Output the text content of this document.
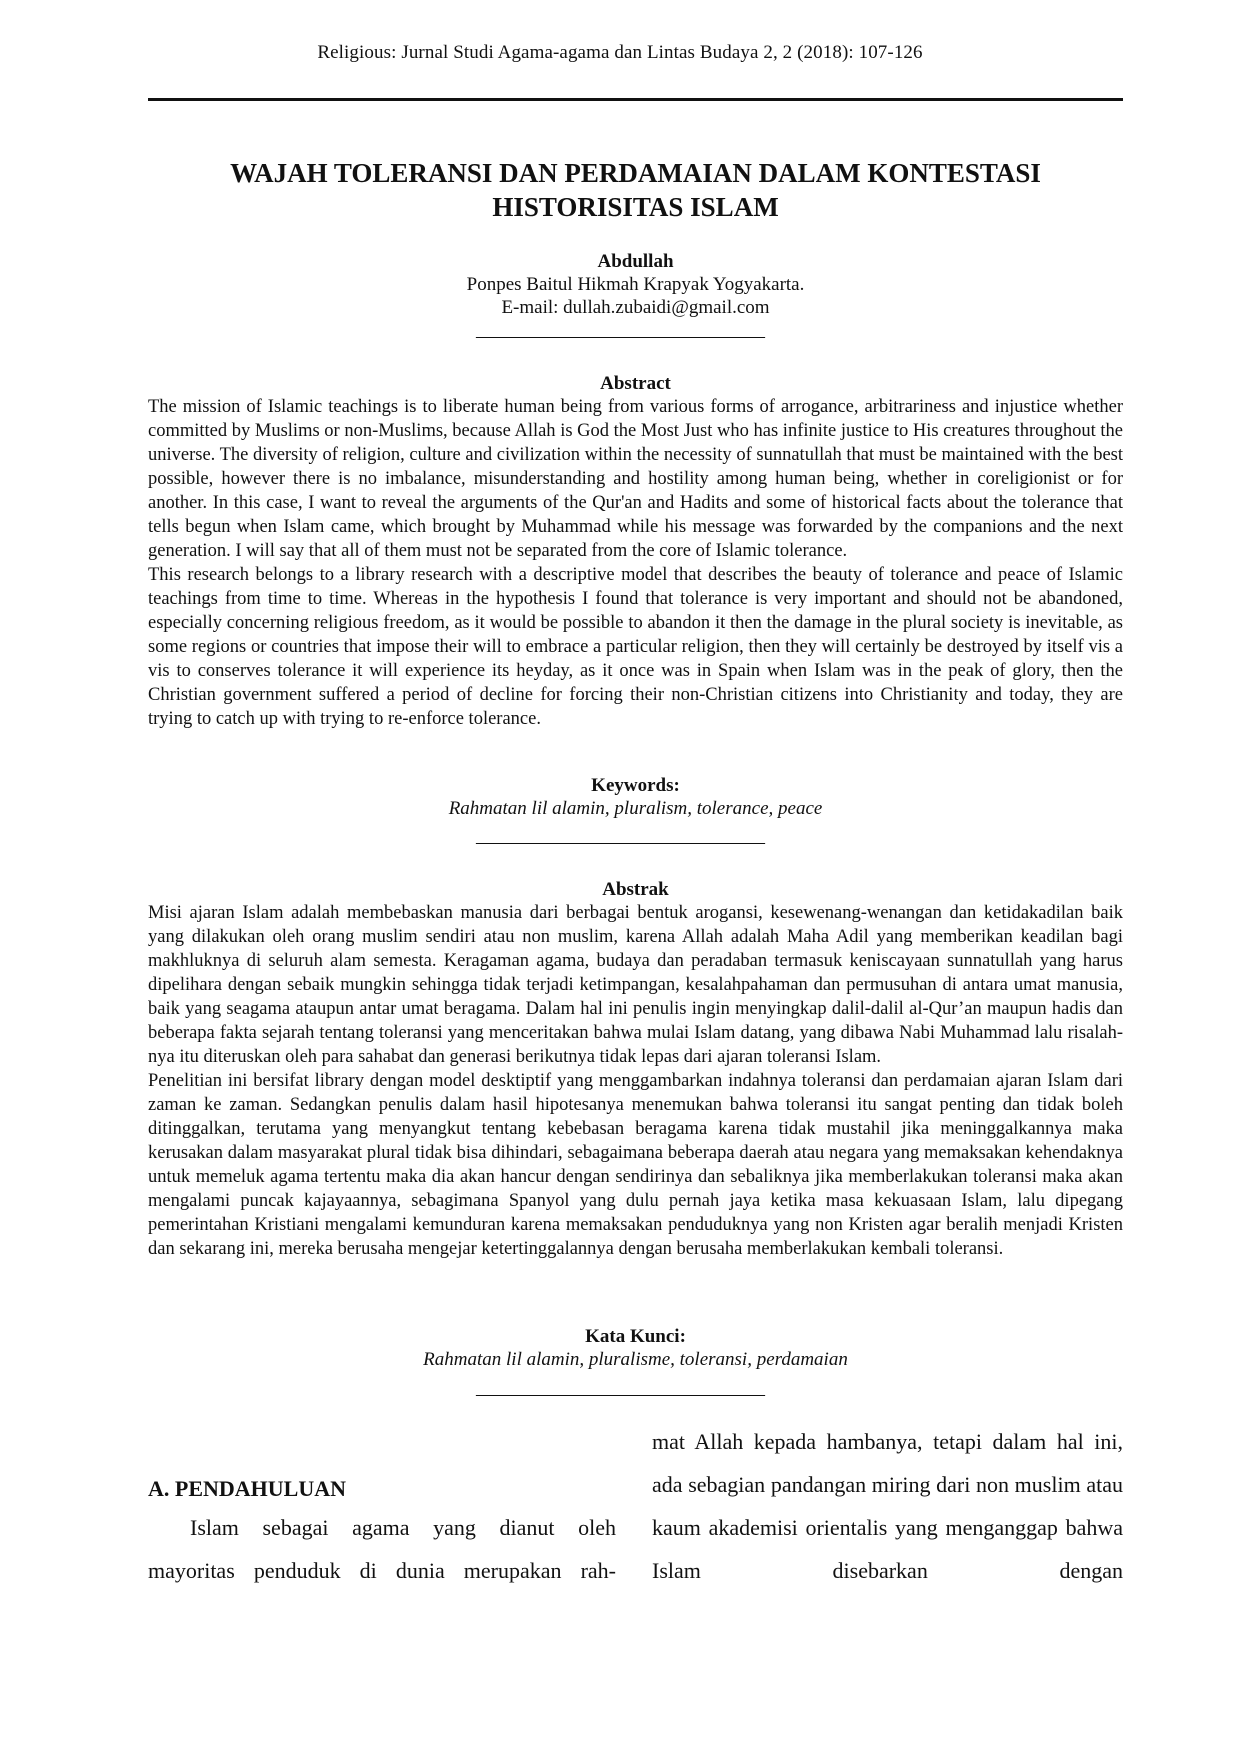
Religious: Jurnal Studi Agama-agama dan Lintas Budaya 2, 2 (2018): 107-126
WAJAH TOLERANSI DAN PERDAMAIAN DALAM KONTESTASI
HISTORISITAS ISLAM
Abdullah
Ponpes Baitul Hikmah Krapyak Yogyakarta.
E-mail: dullah.zubaidi@gmail.com
————————————————
Abstract

The mission of Islamic teachings is to liberate human being from various forms of arrogance, arbitrariness and injustice whether committed by Muslims or non-Muslims, because Allah is God the Most Just who has infinite justice to His creatures throughout the universe. The diversity of religion, culture and civilization within the necessity of sunnatullah that must be maintained with the best possible, however there is no imbalance, misunderstanding and hostility among human being, whether in coreligionist or for another. In this case, I want to reveal the arguments of the Qur'an and Hadits and some of historical facts about the tolerance that tells begun when Islam came, which brought by Muhammad while his message was forwarded by the companions and the next generation. I will say that all of them must not be separated from the core of Islamic tolerance.

This research belongs to a library research with a descriptive model that describes the beauty of tolerance and peace of Islamic teachings from time to time. Whereas in the hypothesis I found that tolerance is very important and should not be abandoned, especially concerning religious freedom, as it would be possible to abandon it then the damage in the plural society is inevitable, as some regions or countries that impose their will to embrace a particular religion, then they will certainly be destroyed by itself vis a vis to conserves tolerance it will experience its heyday, as it once was in Spain when Islam was in the peak of glory, then the Christian government suffered a period of decline for forcing their non-Christian citizens into Christianity and today, they are trying to catch up with trying to re-enforce tolerance.

Keywords:
Rahmatan lil alamin, pluralism, tolerance, peace
————————————————
Abstrak

Misi ajaran Islam adalah membebaskan manusia dari berbagai bentuk arogansi, kesewenang-wenangan dan ketidakadilan baik yang dilakukan oleh orang muslim sendiri atau non muslim, karena Allah adalah Maha Adil yang memberikan keadilan bagi makhluknya di seluruh alam semesta. Keragaman agama, budaya dan peradaban termasuk keniscayaan sunnatullah yang harus dipelihara dengan sebaik mungkin sehingga tidak terjadi ketimpangan, kesalahpahaman dan permusuhan di antara umat manusia, baik yang seagama ataupun antar umat beragama. Dalam hal ini penulis ingin menyingkap dalil-dalil al-Qur’an maupun hadis dan beberapa fakta sejarah tentang toleransi yang menceritakan bahwa mulai Islam datang, yang dibawa Nabi Muhammad lalu risalah-nya itu diteruskan oleh para sahabat dan generasi berikutnya tidak lepas dari ajaran toleransi Islam.

Penelitian ini bersifat library dengan model desktiptif yang menggambarkan indahnya toleransi dan perdamaian ajaran Islam dari zaman ke zaman. Sedangkan penulis dalam hasil hipotesanya menemukan bahwa toleransi itu sangat penting dan tidak boleh ditinggalkan, terutama yang menyangkut tentang kebebasan beragama karena tidak mustahil jika meninggalkannya maka kerusakan dalam masyarakat plural tidak bisa dihindari, sebagaimana beberapa daerah atau negara yang memaksakan kehendaknya untuk memeluk agama tertentu maka dia akan hancur dengan sendirinya dan sebaliknya jika memberlakukan toleransi maka akan mengalami puncak kajayaannya, sebagimana Spanyol yang dulu pernah jaya ketika masa kekuasaan Islam, lalu dipegang pemerintahan Kristiani mengalami kemunduran karena memaksakan penduduknya yang non Kristen agar beralih menjadi Kristen dan sekarang ini, mereka berusaha mengejar ketertinggalannya dengan berusaha memberlakukan kembali toleransi.

Kata Kunci:
Rahmatan lil alamin, pluralisme, toleransi, perdamaian
————————————————
A. PENDAHULUAN

Islam sebagai agama yang dianut oleh mayoritas penduduk di dunia merupakan rah-

mat Allah kepada hambanya, tetapi dalam hal ini, ada sebagian pandangan miring dari non muslim atau kaum akademisi orientalis yang menganggap bahwa Islam disebarkan dengan
